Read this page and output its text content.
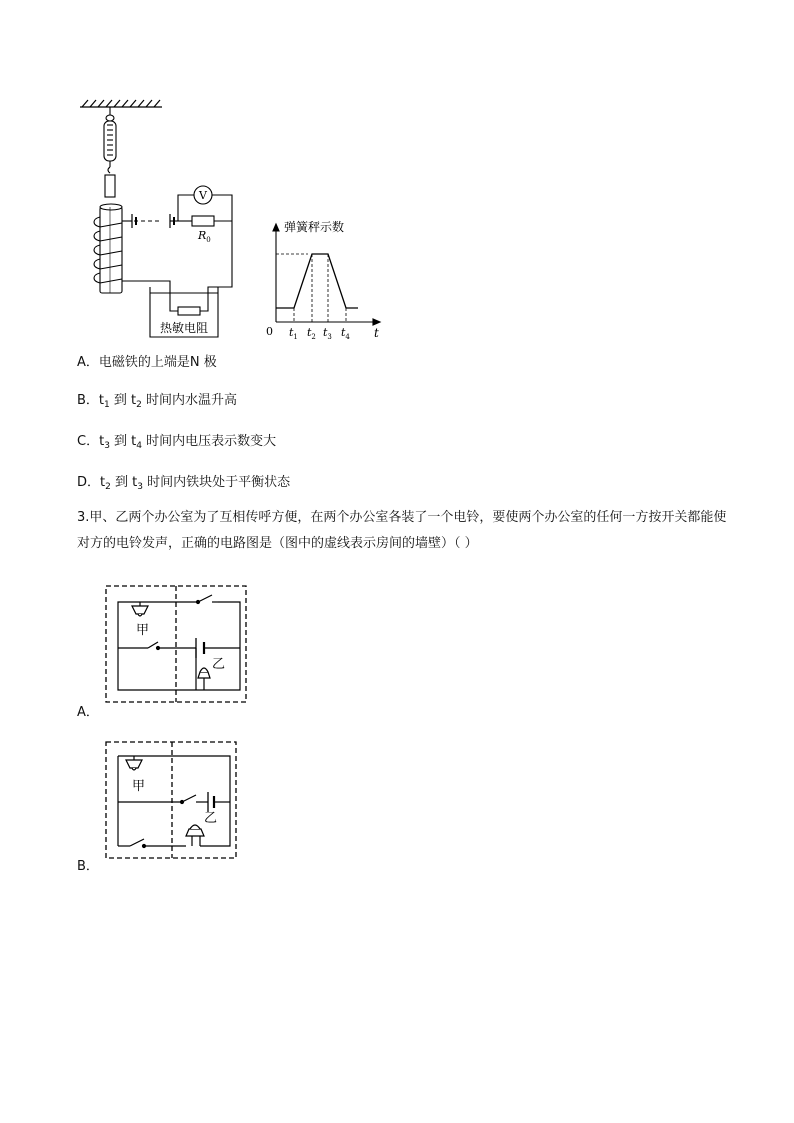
V
$R_0$
热敏电阻
弹簧秤示数
t
0 $t_1$ $t_2$ $t_3$ $t_4$
A．电磁铁的上端是N 极
B．$t_1$ 到 $t_2$ 时间内水温升高
C．$t_3$ 到 $t_4$ 时间内电压表示数变大
D．$t_2$ 到 $t_3$ 时间内铁块处于平衡状态
3.甲、乙两个办公室为了互相传呼方便，在两个办公室各装了一个电铃，要使两个办公室的任何一方按开关都能使对方的电铃发声，正确的电路图是（图中的虚线表示房间的墙壁）（ ）
甲
乙
A．
甲
乙
B．
